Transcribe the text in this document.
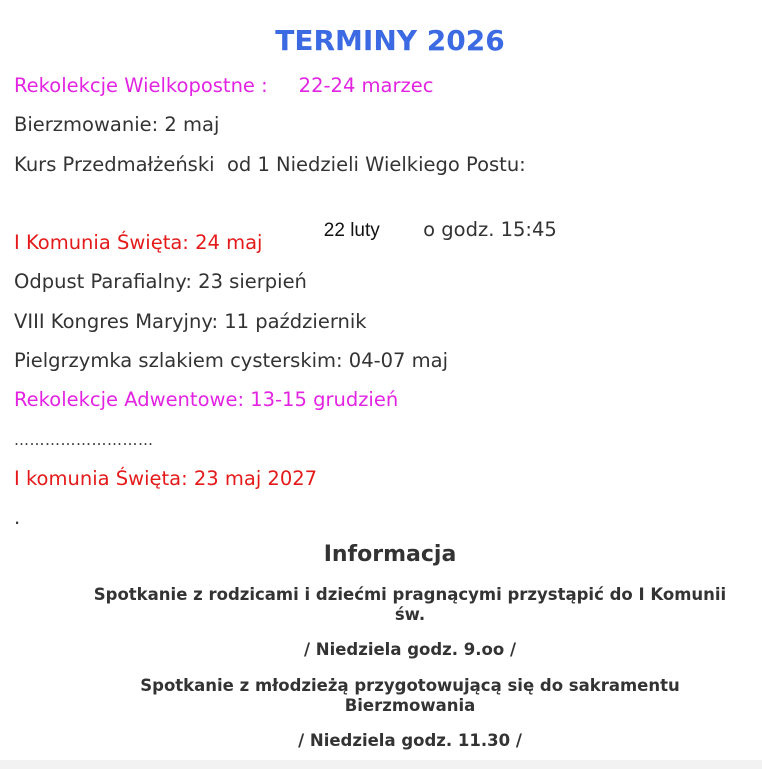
TERMINY 2026
Rekolekcje Wielkopostne :     22-24 marzec
Bierzmowanie: 2 maj
Kurs Przedmałżeński  od 1 Niedzieli Wielkiego Postu:

22 luty       o godz. 15:45

I Komunia Święta: 24 maj
Odpust Parafialny: 23 sierpień
VIII Kongres Maryjny: 11 październik
Pielgrzymka szlakiem cysterskim: 04-07 maj
Rekolekcje Adwentowe: 13-15 grudzień
………………………
I komunia Święta: 23 maj 2027
.
Informacja
Spotkanie z rodzicami i dziećmi pragnącymi przystąpić do I Komunii św.
/ Niedziela godz. 9.oo /
Spotkanie z młodzieżą przygotowującą się do sakramentu Bierzmowania
/ Niedziela godz. 11.30 /
